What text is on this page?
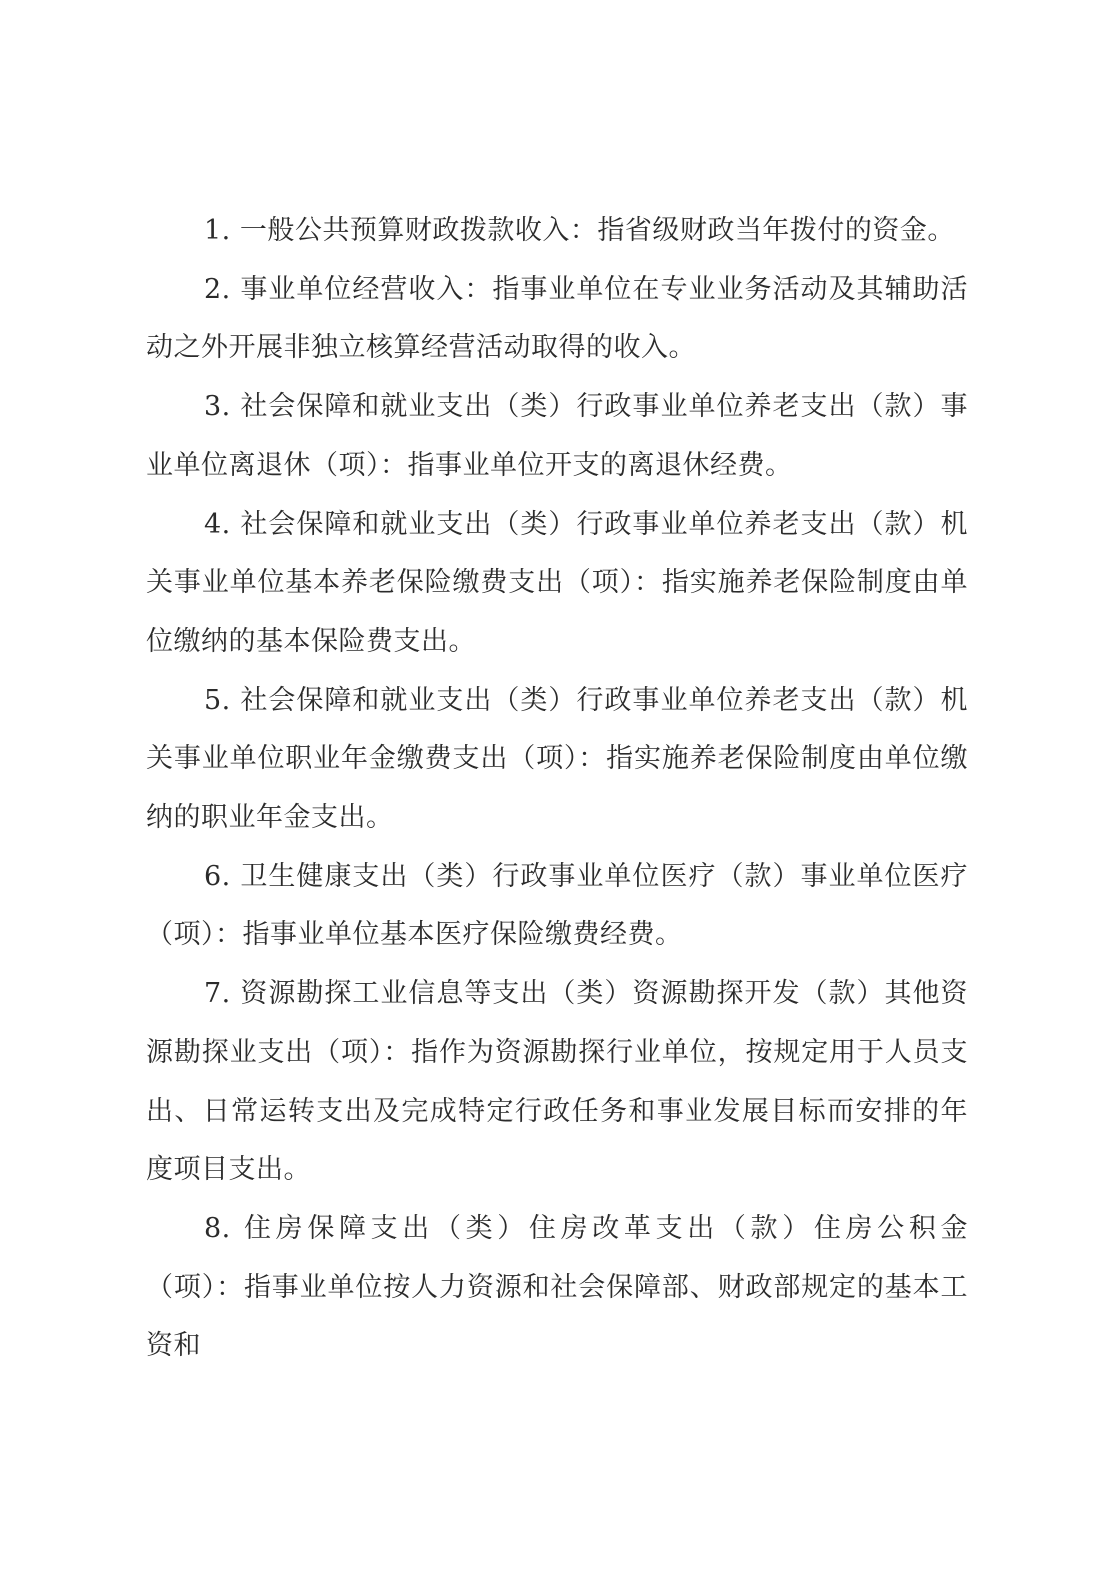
1. 一般公共预算财政拨款收入：指省级财政当年拨付的资金。

2. 事业单位经营收入：指事业单位在专业业务活动及其辅助活动之外开展非独立核算经营活动取得的收入。

3. 社会保障和就业支出（类）行政事业单位养老支出（款）事业单位离退休（项）：指事业单位开支的离退休经费。

4. 社会保障和就业支出（类）行政事业单位养老支出（款）机关事业单位基本养老保险缴费支出（项）：指实施养老保险制度由单位缴纳的基本保险费支出。

5. 社会保障和就业支出（类）行政事业单位养老支出（款）机关事业单位职业年金缴费支出（项）：指实施养老保险制度由单位缴纳的职业年金支出。

6. 卫生健康支出（类）行政事业单位医疗（款）事业单位医疗（项）：指事业单位基本医疗保险缴费经费。

7. 资源勘探工业信息等支出（类）资源勘探开发（款）其他资源勘探业支出（项）：指作为资源勘探行业单位，按规定用于人员支出、日常运转支出及完成特定行政任务和事业发展目标而安排的年度项目支出。

8. 住房保障支出（类）住房改革支出（款）住房公积金（项）：指事业单位按人力资源和社会保障部、财政部规定的基本工资和
